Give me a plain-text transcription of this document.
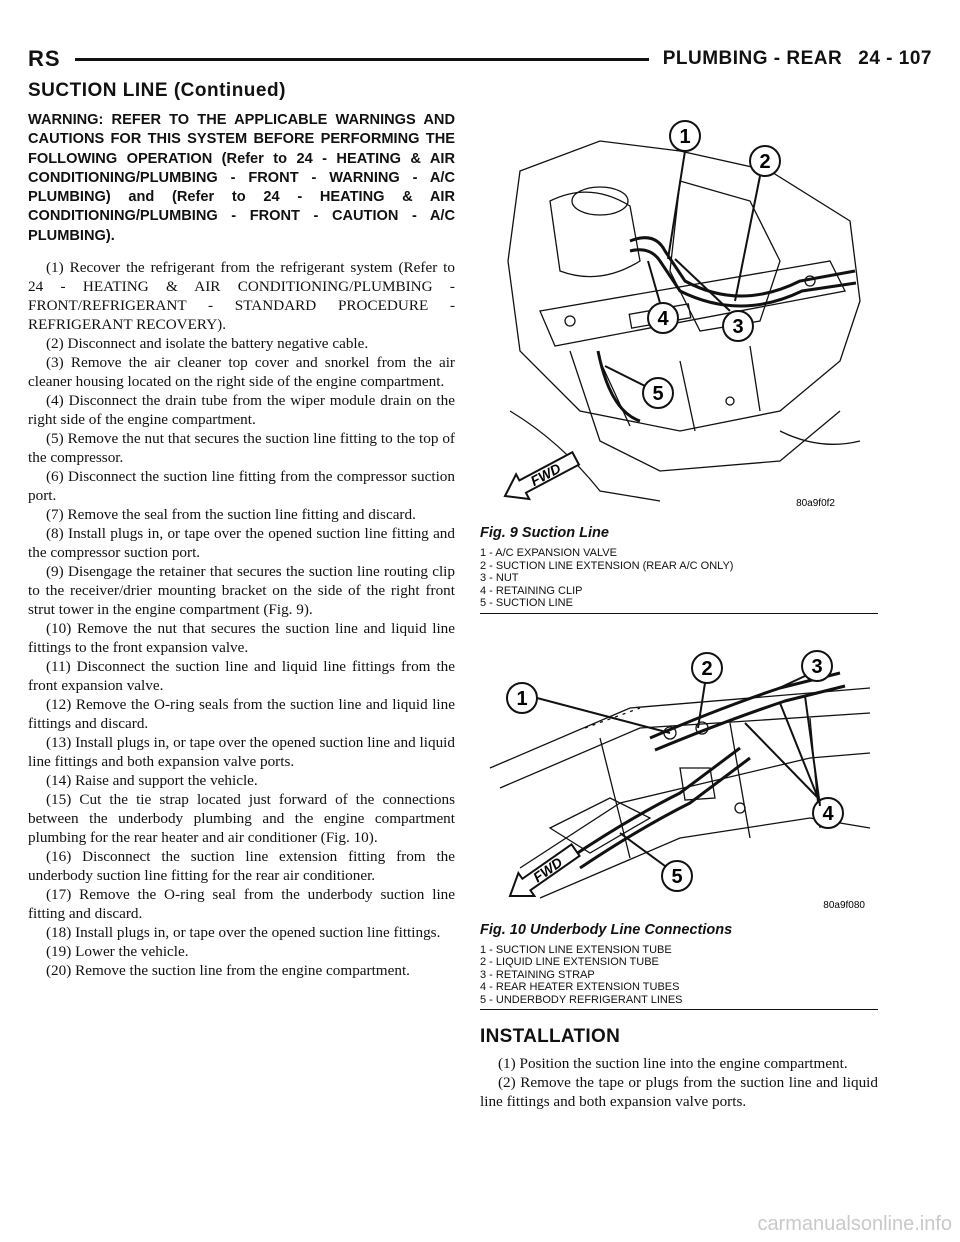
RS	PLUMBING - REAR 24 - 107
SUCTION LINE (Continued)

WARNING: REFER TO THE APPLICABLE WARNINGS AND CAUTIONS FOR THIS SYSTEM BEFORE PERFORMING THE FOLLOWING OPERATION (Refer to 24 - HEATING & AIR CONDITIONING/PLUMBING - FRONT - WARNING - A/C PLUMBING) and (Refer to 24 - HEATING & AIR CONDITIONING/PLUMBING - FRONT - CAUTION - A/C PLUMBING).

(1) Recover the refrigerant from the refrigerant system (Refer to 24 - HEATING & AIR CONDITIONING/PLUMBING - FRONT/REFRIGERANT - STANDARD PROCEDURE - REFRIGERANT RECOVERY).

(2) Disconnect and isolate the battery negative cable.

(3) Remove the air cleaner top cover and snorkel from the air cleaner housing located on the right side of the engine compartment.

(4) Disconnect the drain tube from the wiper module drain on the right side of the engine compartment.

(5) Remove the nut that secures the suction line fitting to the top of the compressor.

(6) Disconnect the suction line fitting from the compressor suction port.

(7) Remove the seal from the suction line fitting and discard.

(8) Install plugs in, or tape over the opened suction line fitting and the compressor suction port.

(9) Disengage the retainer that secures the suction line routing clip to the receiver/drier mounting bracket on the side of the right front strut tower in the engine compartment (Fig. 9).

(10) Remove the nut that secures the suction line and liquid line fittings to the front expansion valve.

(11) Disconnect the suction line and liquid line fittings from the front expansion valve.

(12) Remove the O-ring seals from the suction line and liquid line fittings and discard.

(13) Install plugs in, or tape over the opened suction line and liquid line fittings and both expansion valve ports.

(14) Raise and support the vehicle.

(15) Cut the tie strap located just forward of the connections between the underbody plumbing and the engine compartment plumbing for the rear heater and air conditioner (Fig. 10).

(16) Disconnect the suction line extension fitting from the underbody suction line fitting for the rear air conditioner.

(17) Remove the O-ring seal from the underbody suction line fitting and discard.

(18) Install plugs in, or tape over the opened suction line fittings.

(19) Lower the vehicle.

(20) Remove the suction line from the engine compartment.

1
2
3
4
5
FWD
80a9f0f2
Fig. 9 Suction Line
1 - A/C EXPANSION VALVE
2 - SUCTION LINE EXTENSION (REAR A/C ONLY)
3 - NUT
4 - RETAINING CLIP
5 - SUCTION LINE
1
2	3
4
5
FWD
80a9f080
Fig. 10 Underbody Line Connections
1 - SUCTION LINE EXTENSION TUBE
2 - LIQUID LINE EXTENSION TUBE
3 - RETAINING STRAP
4 - REAR HEATER EXTENSION TUBES
5 - UNDERBODY REFRIGERANT LINES
INSTALLATION

(1) Position the suction line into the engine compartment.

(2) Remove the tape or plugs from the suction line and liquid line fittings and both expansion valve ports.

carmanualsonline.info
